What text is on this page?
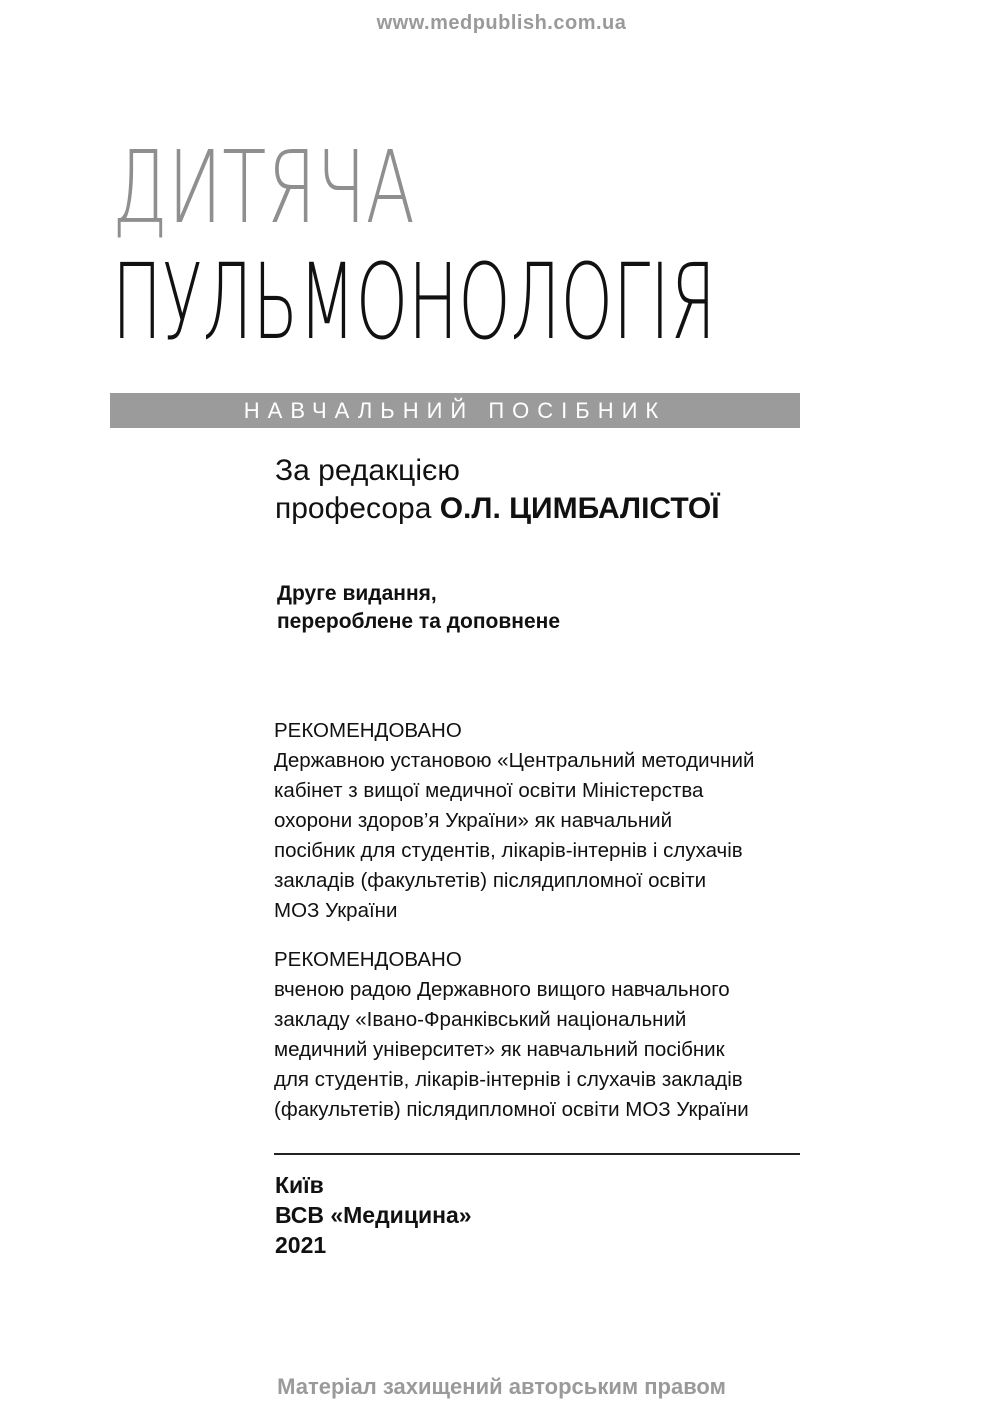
www.medpublish.com.ua
ДИТЯЧА
ПУЛЬМОНОЛОГІЯ
НАВЧАЛЬНИЙ ПОСІБНИК
За редакцією
професора О.Л. ЦИМБАЛІСТОЇ
Друге видання,
перероблене та доповнене
РЕКОМЕНДОВАНО
Державною установою «Центральний методичний
кабінет з вищої медичної освіти Міністерства
охорони здоров’я України» як навчальний
посібник для студентів, лікарів-інтернів і слухачів
закладів (факультетів) післядипломної освіти
МОЗ України
РЕКОМЕНДОВАНО
вченою радою Державного вищого навчального
закладу «Івано-Франківський національний
медичний університет» як навчальний посібник
для студентів, лікарів-інтернів і слухачів закладів
(факультетів) післядипломної освіти МОЗ України
Київ
ВСВ «Медицина»
2021
Матеріал захищений авторським правом
